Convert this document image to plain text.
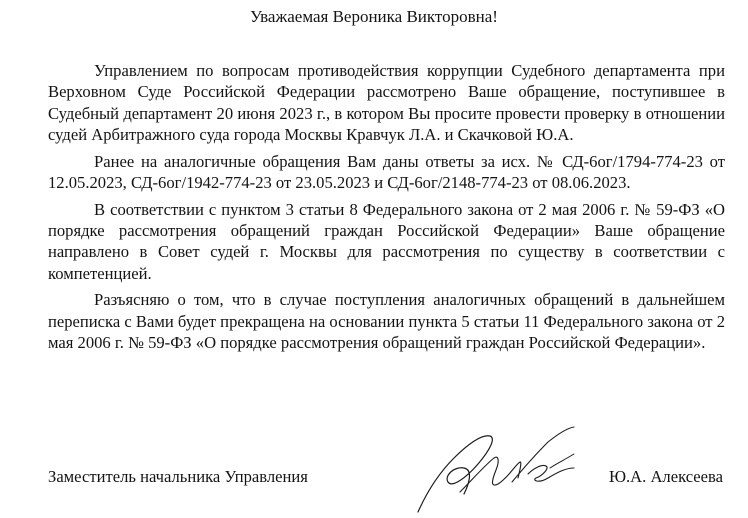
Уважаемая Вероника Викторовна!

Управлением по вопросам противодействия коррупции Судебного департамента при Верховном Суде Российской Федерации рассмотрено Ваше обращение, поступившее в Судебный департамент 20 июня 2023 г., в котором Вы просите провести проверку в отношении судей Арбитражного суда города Москвы Кравчук Л.А. и Скачковой Ю.А.

Ранее на аналогичные обращения Вам даны ответы за исх. № СД-6ог/1794-774-23 от 12.05.2023, СД-6ог/1942-774-23 от 23.05.2023 и СД-6ог/2148-774-23 от 08.06.2023.

В соответствии с пунктом 3 статьи 8 Федерального закона от 2 мая 2006 г. № 59-ФЗ «О порядке рассмотрения обращений граждан Российской Федерации» Ваше обращение направлено в Совет судей г. Москвы для рассмотрения по существу в соответствии с компетенцией.

Разъясняю о том, что в случае поступления аналогичных обращений в дальнейшем переписка с Вами будет прекращена на основании пункта 5 статьи 11 Федерального закона от 2 мая 2006 г. № 59-ФЗ «О порядке рассмотрения обращений граждан Российской Федерации».

Заместитель начальника Управления	Ю.А. Алексеева
